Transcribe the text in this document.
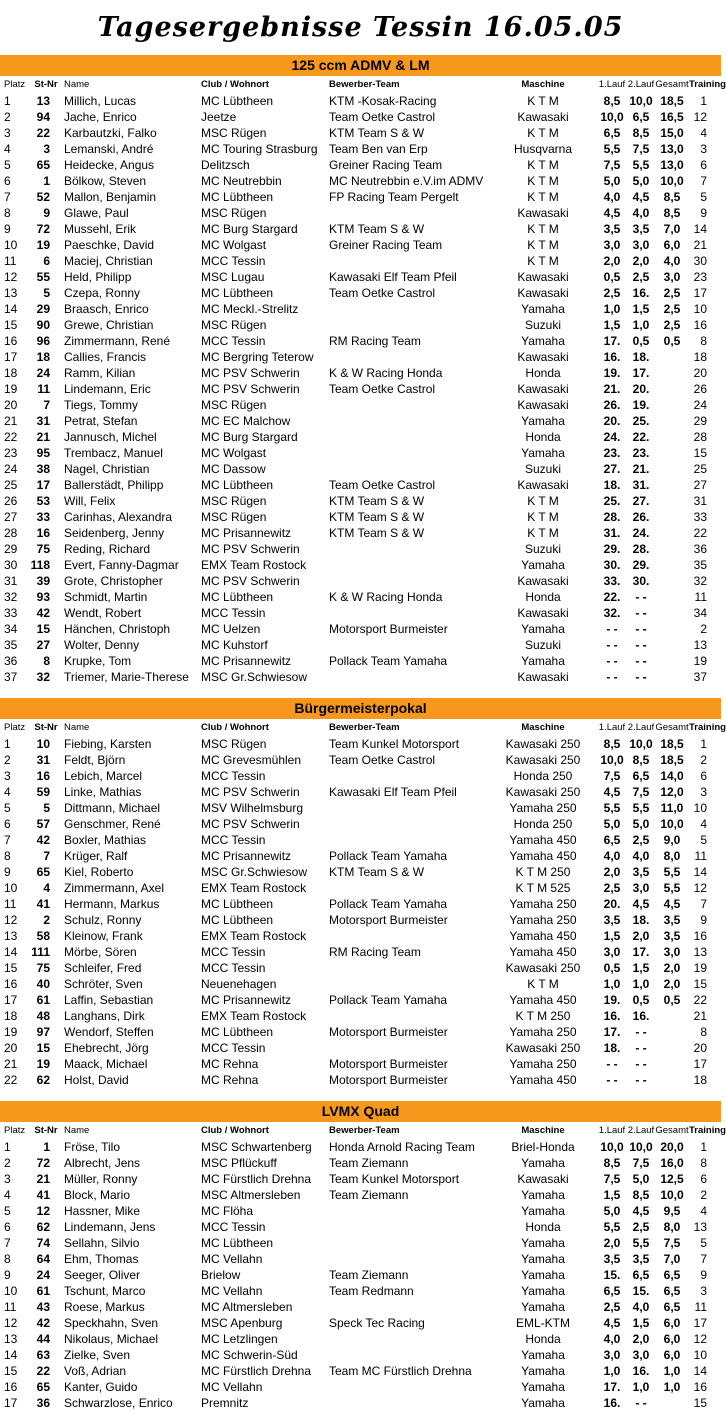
Tagesergebnisse Tessin 16.05.05
125 ccm ADMV & LM
Platz	St-Nr	Name	Club / Wohnort	Bewerber-Team	Maschine	1.Lauf	2.Lauf	Gesamt	Training
1	13	Millich, Lucas	MC Lübtheen	KTM -Kosak-Racing	K T M	8,5	10,0	18,5	1
2	94	Jache, Enrico	Jeetze	Team Oetke Castrol	Kawasaki	10,0	6,5	16,5	12
3	22	Karbautzki, Falko	MSC Rügen	KTM Team S & W	K T M	6,5	8,5	15,0	4
4	3	Lemanski, André	MC Touring Strasburg	Team Ben van Erp	Husqvarna	5,5	7,5	13,0	3
5	65	Heidecke, Angus	Delitzsch	Greiner Racing Team	K T M	7,5	5,5	13,0	6
6	1	Bölkow, Steven	MC Neutrebbin	MC Neutrebbin e.V.im ADMV	K T M	5,0	5,0	10,0	7
7	52	Mallon, Benjamin	MC Lübtheen	FP Racing Team Pergelt	K T M	4,0	4,5	8,5	5
8	9	Glawe, Paul	MSC Rügen		Kawasaki	4,5	4,0	8,5	9
9	72	Mussehl, Erik	MC Burg Stargard	KTM Team S & W	K T M	3,5	3,5	7,0	14
10	19	Paeschke, David	MC Wolgast	Greiner Racing Team	K T M	3,0	3,0	6,0	21
11	6	Maciej, Christian	MCC Tessin		K T M	2,0	2,0	4,0	30
12	55	Held, Philipp	MSC Lugau	Kawasaki Elf Team Pfeil	Kawasaki	0,5	2,5	3,0	23
13	5	Czepa, Ronny	MC Lübtheen	Team Oetke Castrol	Kawasaki	2,5	16.	2,5	17
14	29	Braasch, Enrico	MC Meckl.-Strelitz		Yamaha	1,0	1,5	2,5	10
15	90	Grewe, Christian	MSC Rügen		Suzuki	1,5	1,0	2,5	16
16	96	Zimmermann, René	MCC Tessin	RM Racing Team	Yamaha	17.	0,5	0,5	8
17	18	Callies, Francis	MC Bergring Teterow		Kawasaki	16.	18.		18
18	24	Ramm, Kilian	MC PSV Schwerin	K & W Racing Honda	Honda	19.	17.		20
19	11	Lindemann, Eric	MC PSV Schwerin	Team Oetke Castrol	Kawasaki	21.	20.		26
20	7	Tiegs, Tommy	MSC Rügen		Kawasaki	26.	19.		24
21	31	Petrat, Stefan	MC EC Malchow		Yamaha	20.	25.		29
22	21	Jannusch, Michel	MC Burg Stargard		Honda	24.	22.		28
23	95	Trembacz, Manuel	MC Wolgast		Yamaha	23.	23.		15
24	38	Nagel, Christian	MC Dassow		Suzuki	27.	21.		25
25	17	Ballerstädt, Philipp	MC Lübtheen	Team Oetke Castrol	Kawasaki	18.	31.		27
26	53	Will, Felix	MSC Rügen	KTM Team S & W	K T M	25.	27.		31
27	33	Carinhas, Alexandra	MSC Rügen	KTM Team S & W	K T M	28.	26.		33
28	16	Seidenberg, Jenny	MC Prisannewitz	KTM Team S & W	K T M	31.	24.		22
29	75	Reding, Richard	MC PSV Schwerin		Suzuki	29.	28.		36
30	118	Evert, Fanny-Dagmar	EMX Team Rostock		Yamaha	30.	29.		35
31	39	Grote, Christopher	MC PSV Schwerin		Kawasaki	33.	30.		32
32	93	Schmidt, Martin	MC Lübtheen	K & W Racing Honda	Honda	22.	- -		11
33	42	Wendt, Robert	MCC Tessin		Kawasaki	32.	- -		34
34	15	Hänchen, Christoph	MC Uelzen	Motorsport Burmeister	Yamaha	- -	- -		2
35	27	Wolter, Denny	MC Kuhstorf		Suzuki	- -	- -		13
36	8	Krupke, Tom	MC Prisannewitz	Pollack Team Yamaha	Yamaha	- -	- -		19
37	32	Triemer, Marie-Therese	MSC Gr.Schwiesow		Kawasaki	- -	- -		37
Bürgermeisterpokal
Platz	St-Nr	Name	Club / Wohnort	Bewerber-Team	Maschine	1.Lauf	2.Lauf	Gesamt	Training
1	10	Fiebing, Karsten	MSC Rügen	Team Kunkel Motorsport	Kawasaki 250	8,5	10,0	18,5	1
2	31	Feldt, Björn	MC Grevesmühlen	Team Oetke Castrol	Kawasaki 250	10,0	8,5	18,5	2
3	16	Lebich, Marcel	MCC Tessin		Honda 250	7,5	6,5	14,0	6
4	59	Linke, Mathias	MC PSV Schwerin	Kawasaki Elf Team Pfeil	Kawasaki 250	4,5	7,5	12,0	3
5	5	Dittmann, Michael	MSV Wilhelmsburg		Yamaha 250	5,5	5,5	11,0	10
6	57	Genschmer, René	MC PSV Schwerin		Honda 250	5,0	5,0	10,0	4
7	42	Boxler, Mathias	MCC Tessin		Yamaha 450	6,5	2,5	9,0	5
8	7	Krüger, Ralf	MC Prisannewitz	Pollack Team Yamaha	Yamaha 450	4,0	4,0	8,0	11
9	65	Kiel, Roberto	MSC Gr.Schwiesow	KTM Team S & W	K T M 250	2,0	3,5	5,5	14
10	4	Zimmermann, Axel	EMX Team Rostock		K T M 525	2,5	3,0	5,5	12
11	41	Hermann, Markus	MC Lübtheen	Pollack Team Yamaha	Yamaha 250	20.	4,5	4,5	7
12	2	Schulz, Ronny	MC Lübtheen	Motorsport Burmeister	Yamaha 250	3,5	18.	3,5	9
13	58	Kleinow, Frank	EMX Team Rostock		Yamaha 450	1,5	2,0	3,5	16
14	111	Mörbe, Sören	MCC Tessin	RM Racing Team	Yamaha 450	3,0	17.	3,0	13
15	75	Schleifer, Fred	MCC Tessin		Kawasaki 250	0,5	1,5	2,0	19
16	40	Schröter, Sven	Neuenehagen		K T M	1,0	1,0	2,0	15
17	61	Laffin, Sebastian	MC Prisannewitz	Pollack Team Yamaha	Yamaha 450	19.	0,5	0,5	22
18	48	Langhans, Dirk	EMX Team Rostock		K T M 250	16.	16.		21
19	97	Wendorf, Steffen	MC Lübtheen	Motorsport Burmeister	Yamaha 250	17.	- -		8
20	15	Ehebrecht, Jörg	MCC Tessin		Kawasaki 250	18.	- -		20
21	19	Maack, Michael	MC Rehna	Motorsport Burmeister	Yamaha 250	- -	- -		17
22	62	Holst, David	MC Rehna	Motorsport Burmeister	Yamaha 450	- -	- -		18
LVMX Quad
Platz	St-Nr	Name	Club / Wohnort	Bewerber-Team	Maschine	1.Lauf	2.Lauf	Gesamt	Training
1	1	Fröse, Tilo	MSC Schwartenberg	Honda Arnold Racing Team	Briel-Honda	10,0	10,0	20,0	1
2	72	Albrecht, Jens	MSC Pflückuff	Team Ziemann	Yamaha	8,5	7,5	16,0	8
3	21	Müller, Ronny	MC Fürstlich Drehna	Team Kunkel Motorsport	Kawasaki	7,5	5,0	12,5	6
4	41	Block, Mario	MSC Altmersleben	Team Ziemann	Yamaha	1,5	8,5	10,0	2
5	12	Hassner, Mike	MC Flöha		Yamaha	5,0	4,5	9,5	4
6	62	Lindemann, Jens	MCC Tessin		Honda	5,5	2,5	8,0	13
7	74	Sellahn, Silvio	MC Lübtheen		Yamaha	2,0	5,5	7,5	5
8	64	Ehm, Thomas	MC Vellahn		Yamaha	3,5	3,5	7,0	7
9	24	Seeger, Oliver	Brielow	Team Ziemann	Yamaha	15.	6,5	6,5	9
10	61	Tschunt, Marco	MC Vellahn	Team Redmann	Yamaha	6,5	15.	6,5	3
11	43	Roese, Markus	MC Altmersleben		Yamaha	2,5	4,0	6,5	11
12	42	Speckhahn, Sven	MSC Apenburg	Speck Tec Racing	EML-KTM	4,5	1,5	6,0	17
13	44	Nikolaus, Michael	MC Letzlingen		Honda	4,0	2,0	6,0	12
14	63	Zielke, Sven	MC Schwerin-Süd		Yamaha	3,0	3,0	6,0	10
15	22	Voß, Adrian	MC Fürstlich Drehna	Team MC Fürstlich Drehna	Yamaha	1,0	16.	1,0	14
16	65	Kanter, Guido	MC Vellahn		Yamaha	17.	1,0	1,0	16
17	36	Schwarzlose, Enrico	Premnitz		Yamaha	16.	- -		15
